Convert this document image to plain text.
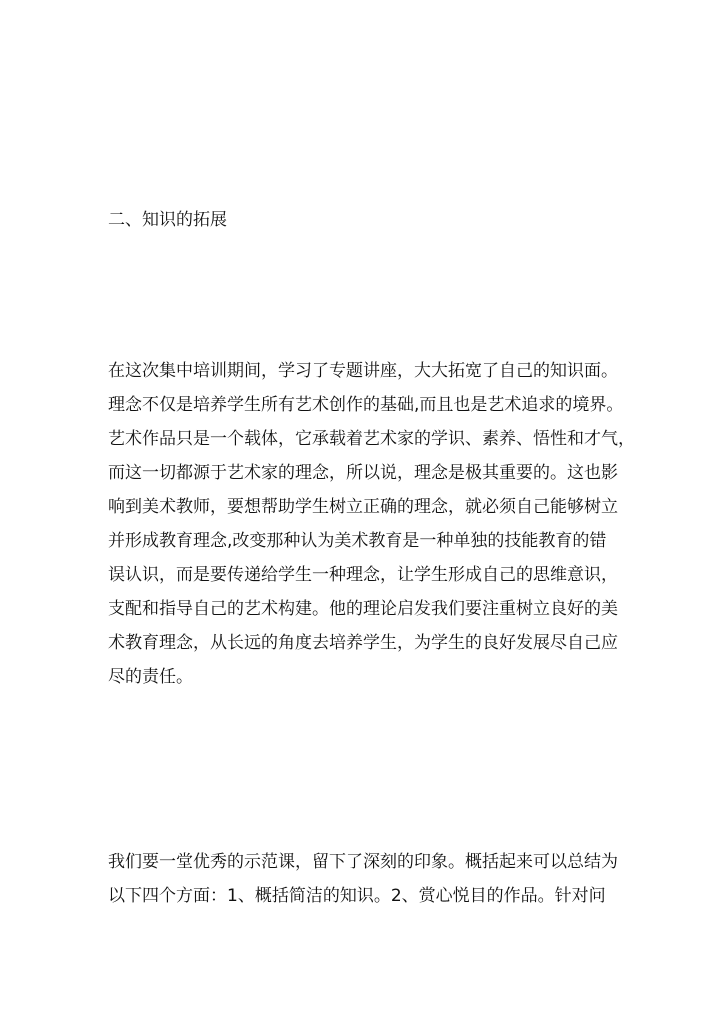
二、知识的拓展
在这次集中培训期间，学习了专题讲座，大大拓宽了自己的知识面。
理念不仅是培养学生所有艺术创作的基础,而且也是艺术追求的境界。
艺术作品只是一个载体，它承载着艺术家的学识、素养、悟性和才气，
而这一切都源于艺术家的理念，所以说，理念是极其重要的。这也影
响到美术教师，要想帮助学生树立正确的理念，就必须自己能够树立
并形成教育理念,改变那种认为美术教育是一种单独的技能教育的错
误认识，而是要传递给学生一种理念，让学生形成自己的思维意识，
支配和指导自己的艺术构建。他的理论启发我们要注重树立良好的美
术教育理念，从长远的角度去培养学生，为学生的良好发展尽自己应
尽的责任。
我们要一堂优秀的示范课，留下了深刻的印象。概括起来可以总结为
以下四个方面：1、概括简洁的知识。2、赏心悦目的作品。针对问
